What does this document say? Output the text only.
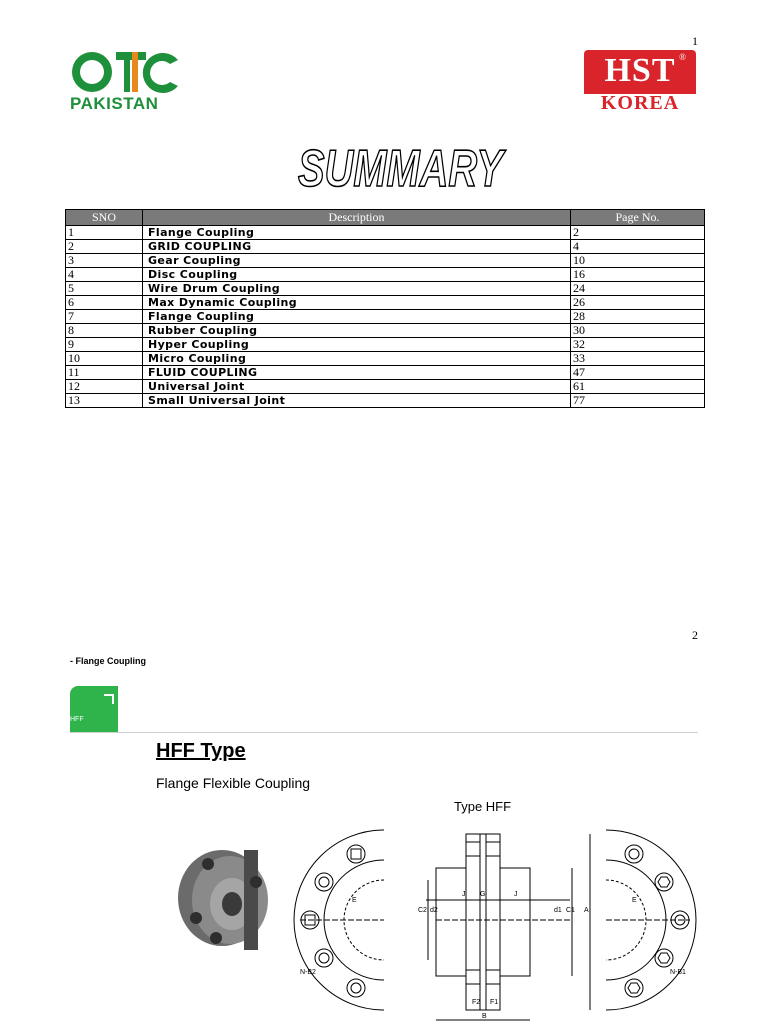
1
PAKISTAN
HST ®
KOREA
SUMMARY
SNO	Description	Page No.
1	Flange Coupling	2
2	GRID COUPLING	4
3	Gear Coupling	10
4	Disc Coupling	16
5	Wire Drum Coupling	24
6	Max Dynamic Coupling	26
7	Flange Coupling	28
8	Rubber Coupling	30
9	Hyper Coupling	32
10	Micro Coupling	33
11	FLUID COUPLING	47
12	Universal Joint	61
13	Small Universal Joint	77
2
- Flange Coupling
HFF
HFF Type
Flange Flexible Coupling
Type HFF
E
N-B2
J G	J
C2 d2	d1 C1 A
F2 F1
B
E
N-B1
